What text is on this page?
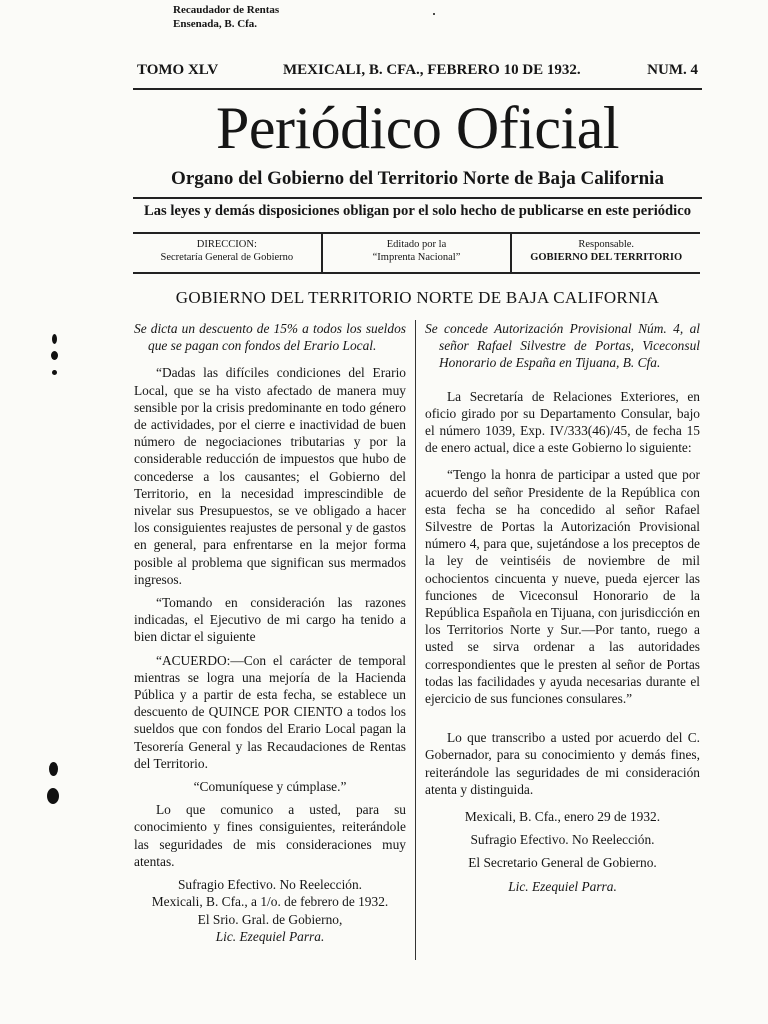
Recaudador de Rentas
Ensenada, B. Cfa.
TOMO XLV	MEXICALI, B. CFA., FEBRERO 10 DE 1932.	NUM. 4
Periódico Oficial
Organo del Gobierno del Territorio Norte de Baja California
Las leyes y demás disposiciones obligan por el solo hecho de publicarse en este periódico
DIRECCION:
Secretaría General de Gobierno
Editado por la
“Imprenta Nacional”
Responsable.
GOBIERNO DEL TERRITORIO
GOBIERNO DEL TERRITORIO NORTE DE BAJA CALIFORNIA

Se dicta un descuento de 15% a todos los sueldos que se pagan con fondos del Erario Local.

“Dadas las difíciles condiciones del Erario Local, que se ha visto afectado de manera muy sensible por la crisis predominante en todo género de actividades, por el cierre e inactividad de buen número de negociaciones tributarias y por la considerable reducción de impuestos que hubo de concederse a los causantes; el Gobierno del Territorio, en la necesidad imprescindible de nivelar sus Presupuestos, se ve obligado a hacer los consiguientes reajustes de personal y de gastos en general, para enfrentarse en la mejor forma posible al problema que significan sus mermados ingresos.

“Tomando en consideración las razones indicadas, el Ejecutivo de mi cargo ha tenido a bien dictar el siguiente

“ACUERDO:—Con el carácter de temporal mientras se logra una mejoría de la Hacienda Pública y a partir de esta fecha, se establece un descuento de QUINCE POR CIENTO a todos los sueldos que con fondos del Erario Local pagan la Tesorería General y las Recaudaciones de Rentas del Territorio.

“Comuníquese y cúmplase.”

Lo que comunico a usted, para su conocimiento y fines consiguientes, reiterándole las seguridades de mis consideraciones muy atentas.

Sufragio Efectivo. No Reelección.

Mexicali, B. Cfa., a 1/o. de febrero de 1932.

El Srio. Gral. de Gobierno,

Lic. Ezequiel Parra.

Se concede Autorización Provisional Núm. 4, al señor Rafael Silvestre de Portas, Viceconsul Honorario de España en Tijuana, B. Cfa.

La Secretaría de Relaciones Exteriores, en oficio girado por su Departamento Consular, bajo el número 1039, Exp. IV/333(46)/45, de fecha 15 de enero actual, dice a este Gobierno lo siguiente:

“Tengo la honra de participar a usted que por acuerdo del señor Presidente de la República con esta fecha se ha concedido al señor Rafael Silvestre de Portas la Autorización Provisional número 4, para que, sujetándose a los preceptos de la ley de veintiséis de noviembre de mil ochocientos cincuenta y nueve, pueda ejercer las funciones de Viceconsul Honorario de la República Española en Tijuana, con jurisdicción en los Territorios Norte y Sur.—Por tanto, ruego a usted se sirva ordenar a las autoridades correspondientes que le presten al señor de Portas todas las facilidades y ayuda necesarias durante el ejercicio de sus funciones consulares.”

Lo que transcribo a usted por acuerdo del C. Gobernador, para su conocimiento y demás fines, reiterándole las seguridades de mi consideración atenta y distinguida.

Mexicali, B. Cfa., enero 29 de 1932.

Sufragio Efectivo. No Reelección.

El Secretario General de Gobierno.

Lic. Ezequiel Parra.
